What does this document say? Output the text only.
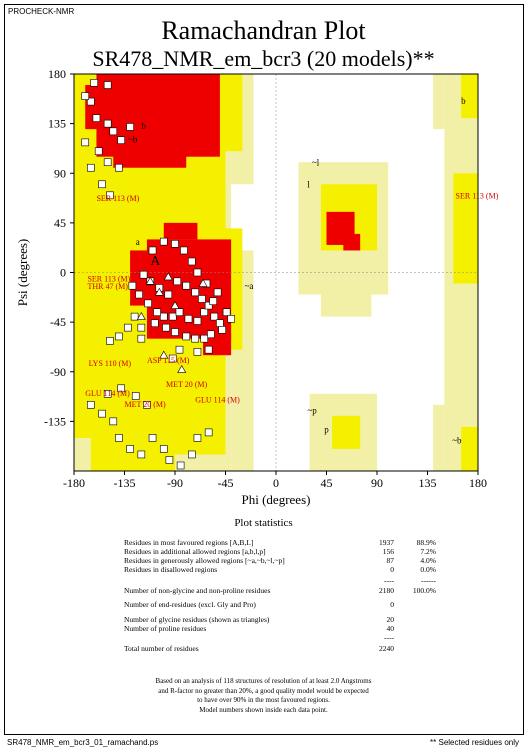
PROCHECK-NMR
Ramachandran Plot
SR478_NMR_em_bcr3 (20 models)**
a
A
b
~b
~a
l
~l
p
~p
~b
b
SER 113 (M)	SER 113 (M)
SER 113 (M)
THR 47 (M)
LYS 110 (M) ASP 115 (M)
MET 20 (M)
GLU 114 (M)
GLU 114 (M)
MET 20 (M)
-180 -135	-90	-45	0	45	90	135	180
180
135
90
45
0
-45
-90
-135
Phi (degrees)
Psi (degrees)
Plot statistics
Residues in most favoured regions [A,B,L]	1937	88.9%
Residues in additional allowed regions [a,b,l,p]	156	7.2%
Residues in generously allowed regions [~a,~b,~l,~p]	87	4.0%
Residues in disallowed regions	0	0.0%
----	------
Number of non-glycine and non-proline residues	2180	100.0%
Number of end-residues (excl. Gly and Pro)	0
Number of glycine residues (shown as triangles)	20
Number of proline residues	40
----
Total number of residues	2240
Based on an analysis of 118 structures of resolution of at least 2.0 Angstroms
and R-factor no greater than 20%, a good quality model would be expected
to have over 90% in the most favoured regions.
Model numbers shown inside each data point.
SR478_NMR_em_bcr3_01_ramachand.ps	** Selected residues only
